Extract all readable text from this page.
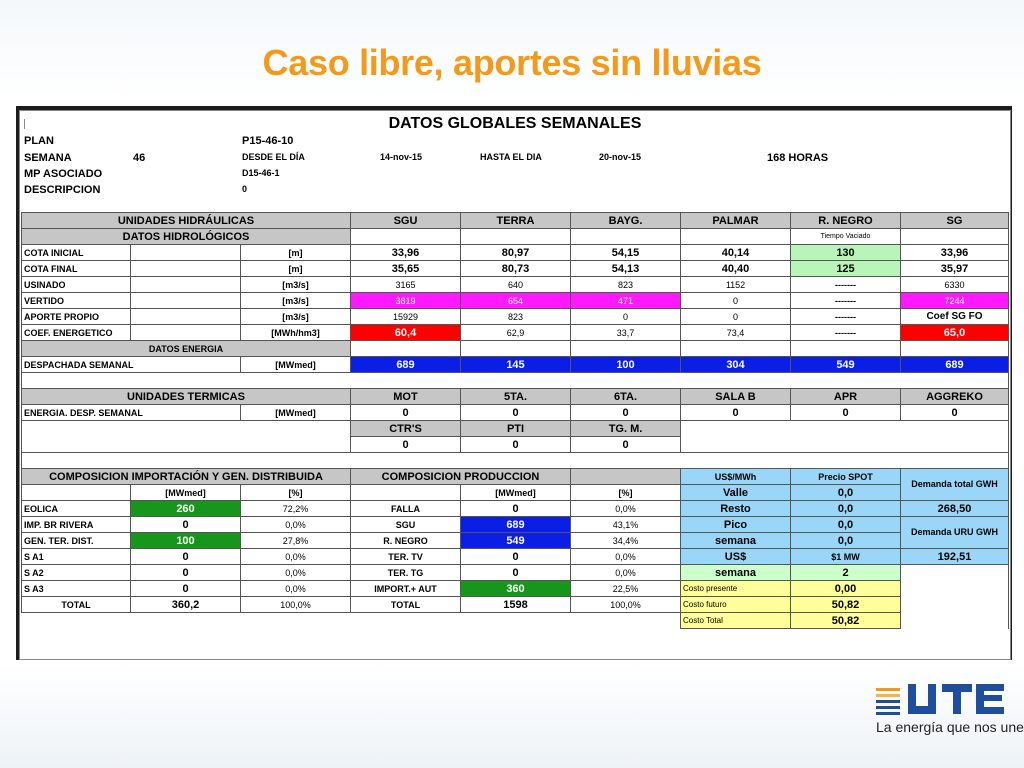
Caso libre, aportes sin lluvias
DATOS GLOBALES SEMANALES
PLAN	P15-46-10
SEMANA	46	DESDE EL DÍA	14-nov-15	HASTA EL DIA	20-nov-15	168 HORAS
MP ASOCIADO	D15-46-1
DESCRIPCION	0
UNIDADES HIDRÁULICAS			SGU	TERRA	BAYG.	PALMAR	R. NEGRO	SG
DATOS HIDROLÓGICOS							Tiempo Vaciado	
COTA INICIAL		[m]	33,96	80,97	54,15	40,14	130	33,96
COTA FINAL		[m]	35,65	80,73	54,13	40,40	125	35,97
USINADO		[m3/s]	3165	640	823	1152	-------	6330
VERTIDO		[m3/s]	3819	654	471	0	-------	7244
APORTE PROPIO		[m3/s]	15929	823	0	0	-------	Coef SG FO
COEF. ENERGETICO		[MWh/hm3]	60,4	62,9	33,7	73,4	-------	65,0
DATOS ENERGIA								
DESPACHADA SEMANAL		[MWmed]	689	145	100	304	549	689

UNIDADES TERMICAS			MOT	5TA.	6TA.	SALA B	APR	AGGREKO
ENERGIA. DESP. SEMANAL		[MWmed]	0	0	0	0	0	0
			CTR'S	PTI	TG. M.			
			0	0	0			

COMPOSICION IMPORTACIÓN Y GEN. DISTRIBUIDA			COMPOSICION PRODUCCION			US$/MWh	Precio SPOT	Demanda total GWH
	[MWmed]	[%]		[MWmed]	[%]	Valle	0,0	
EOLICA	260	72,2%	FALLA	0	0,0%	Resto	0,0	268,50
IMP. BR RIVERA	0	0,0%	SGU	689	43,1%	Pico	0,0	Demanda URU GWH
GEN. TER. DIST.	100	27,8%	R. NEGRO	549	34,4%	semana	0,0	
S A1	0	0,0%	TER. TV	0	0,0%	US$	$1 MW	192,51
S A2	0	0,0%	TER. TG	0	0,0%	semana	2	
S A3	0	0,0%	IMPORT.+ AUT	360	22,5%	Costo presente	0,00	
TOTAL	360,2	100,0%	TOTAL	1598	100,0%	Costo futuro	50,82	
						Costo Total	50,82	
La energía que nos une
